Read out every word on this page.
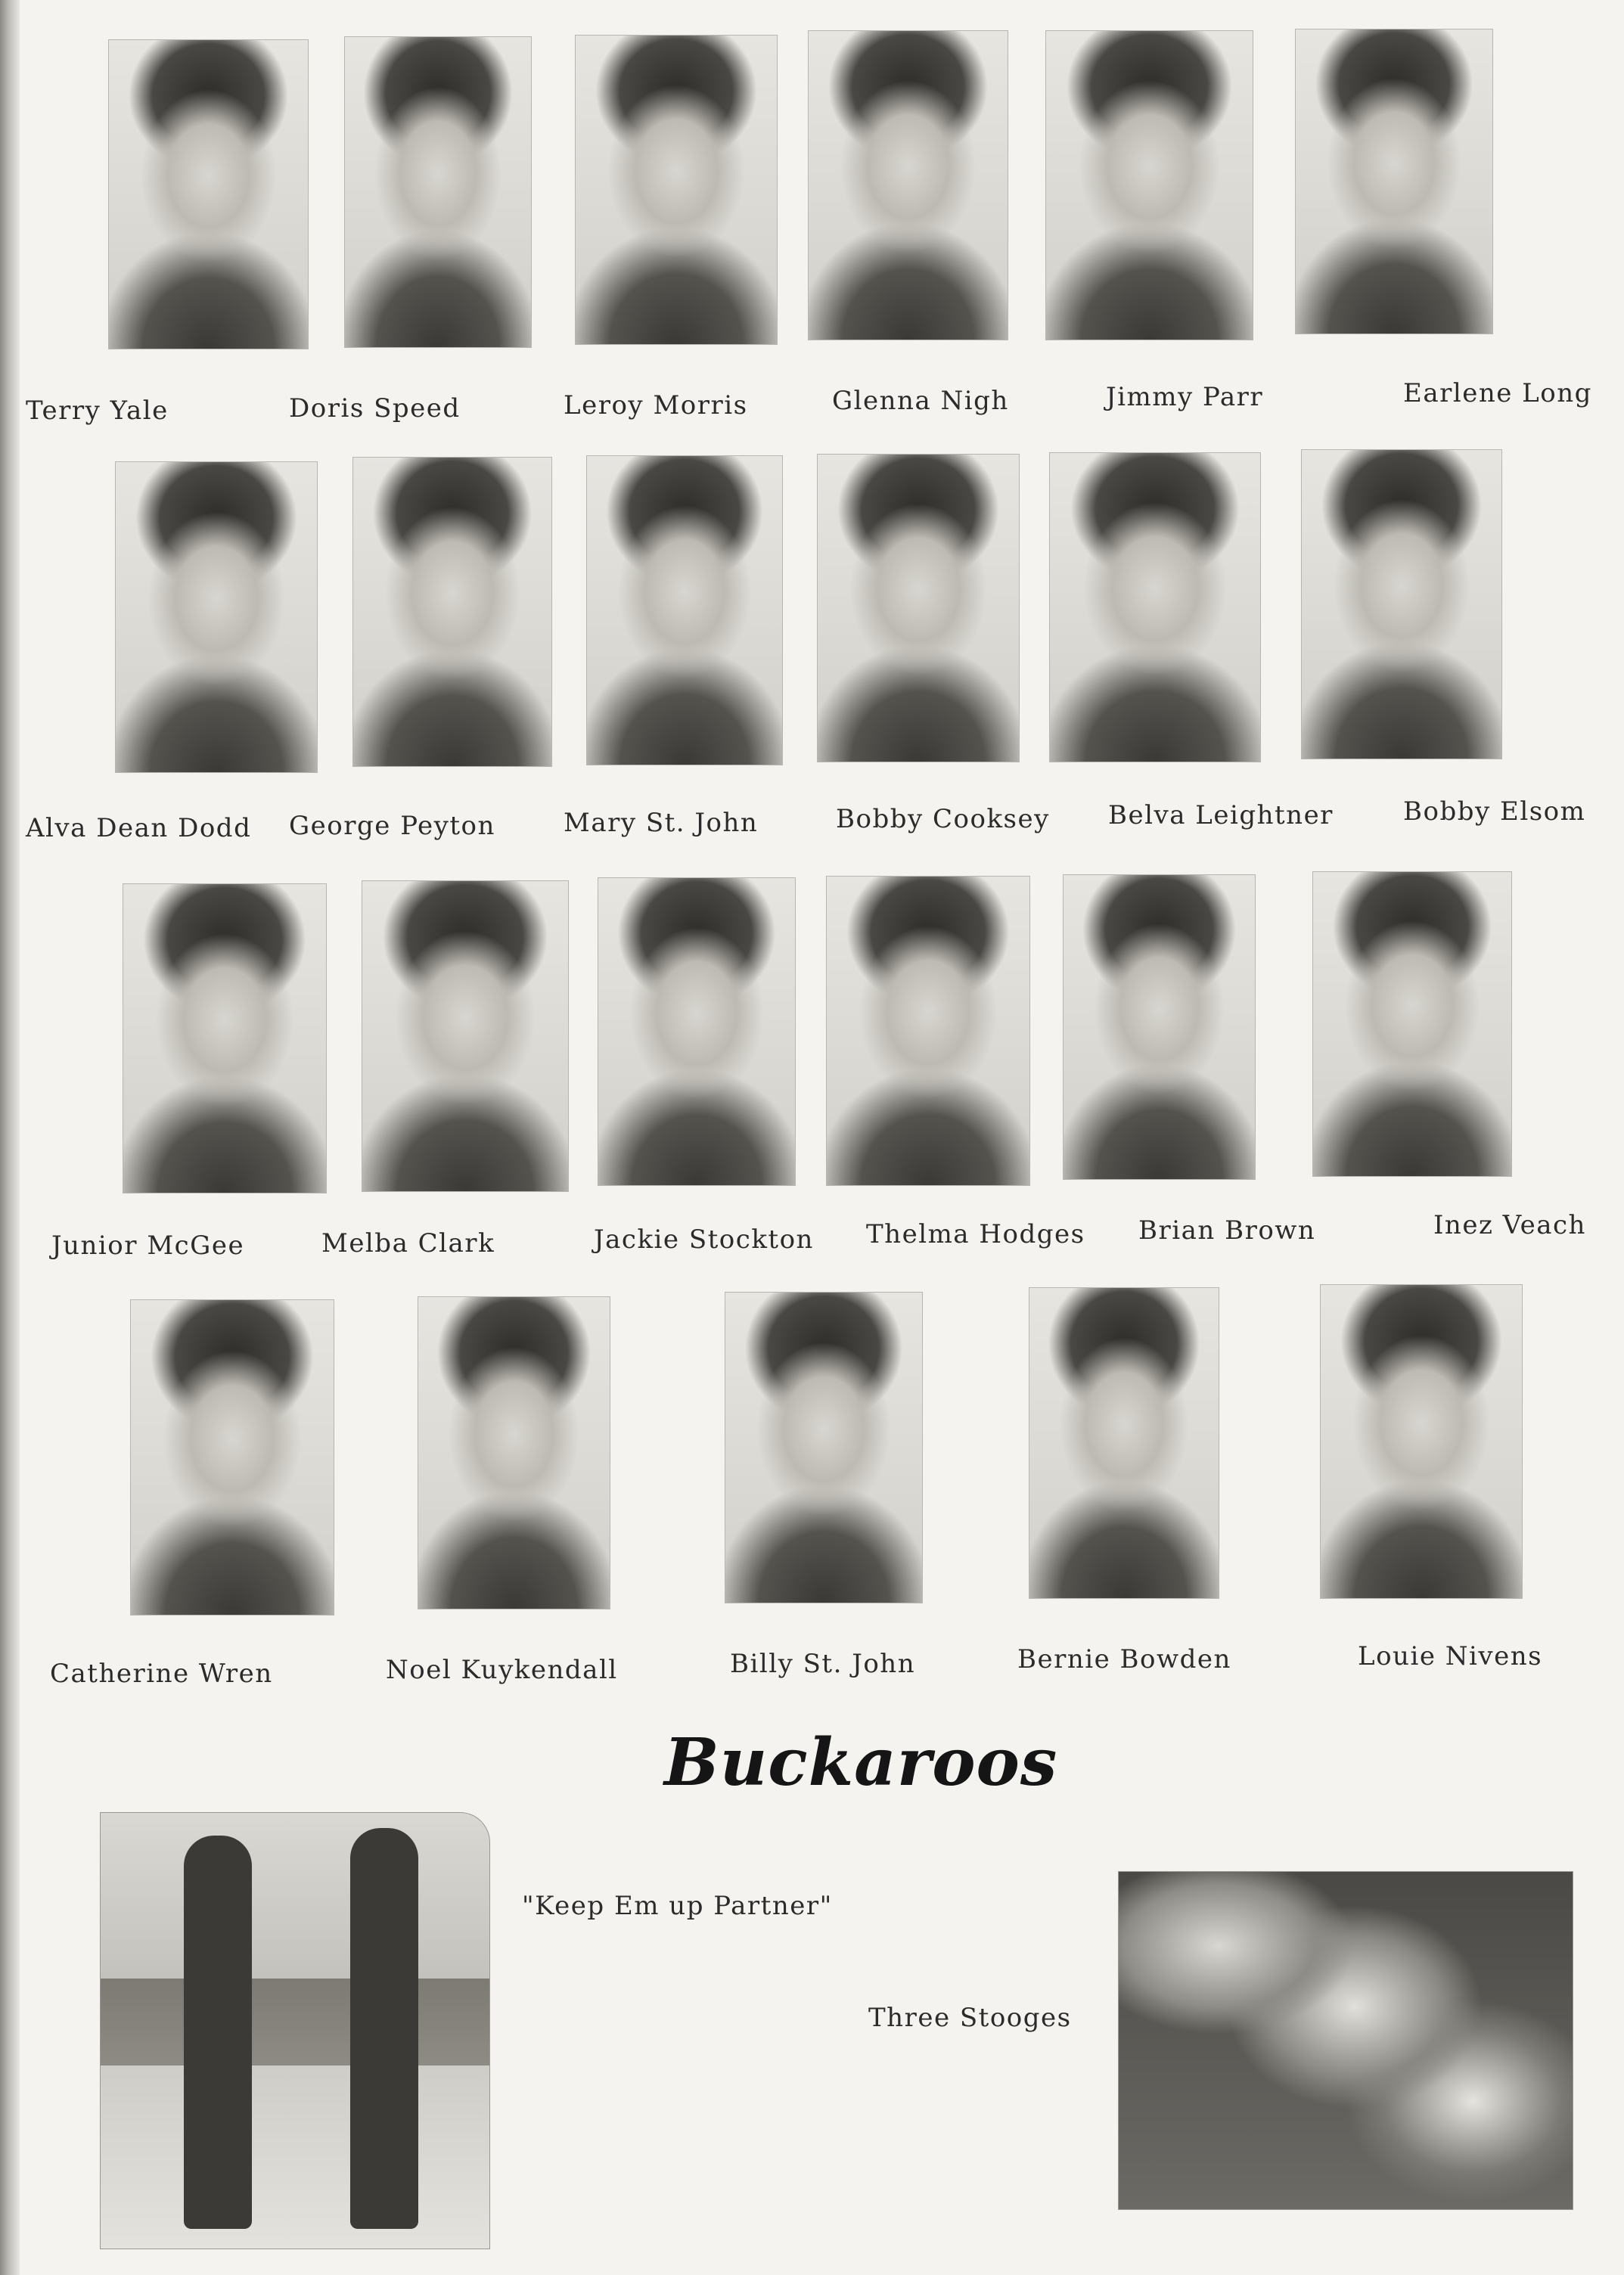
Terry Yale	Doris Speed	Leroy Morris	Glenna Nigh	Jimmy Parr	Earlene Long
Alva Dean Dodd George Peyton	Mary St. John	Bobby Cooksey Belva Leightner	Bobby Elsom
Junior McGee	Melba Clark	Jackie Stockton Thelma Hodges Brian Brown	Inez Veach
Catherine Wren	Noel Kuykendall	Billy St. John	Bernie Bowden	Louie Nivens
Buckaroos
"Keep Em up Partner"
Three Stooges
